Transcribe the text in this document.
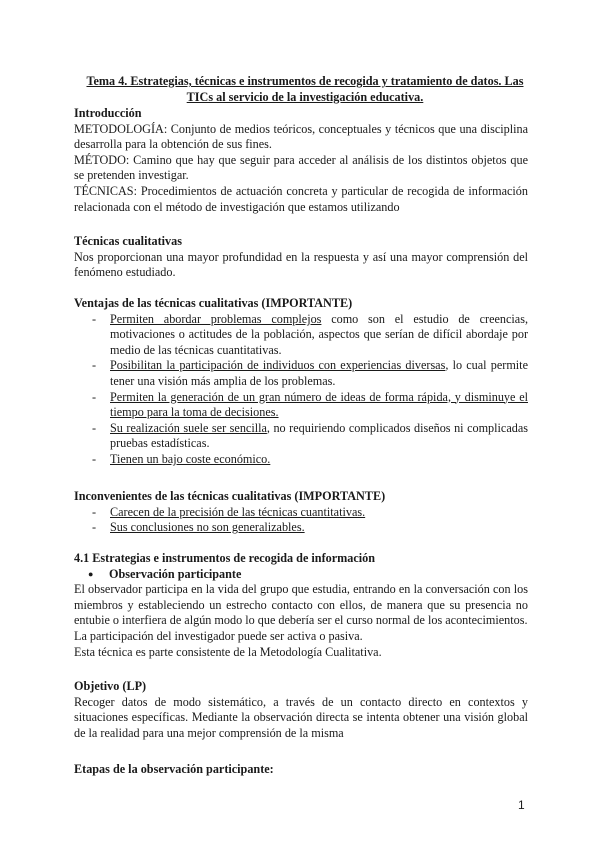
Tema 4. Estrategias, técnicas e instrumentos de recogida y tratamiento de datos. Las TICs al servicio de la investigación educativa.
Introducción
METODOLOGÍA: Conjunto de medios teóricos, conceptuales y técnicos que una disciplina desarrolla para la obtención de sus fines.
MÉTODO: Camino que hay que seguir para acceder al análisis de los distintos objetos que se pretenden investigar.
TÉCNICAS: Procedimientos de actuación concreta y particular de recogida de información relacionada con el método de investigación que estamos utilizando
Técnicas cualitativas
Nos proporcionan una mayor profundidad en la respuesta y así una mayor comprensión del fenómeno estudiado.
Ventajas de las técnicas cualitativas (IMPORTANTE)
- Permiten abordar problemas complejos como son el estudio de creencias, motivaciones o actitudes de la población, aspectos que serían de difícil abordaje por medio de las técnicas cuantitativas.
- Posibilitan la participación de individuos con experiencias diversas, lo cual permite tener una visión más amplia de los problemas.
- Permiten la generación de un gran número de ideas de forma rápida, y disminuye el tiempo para la toma de decisiones.
- Su realización suele ser sencilla, no requiriendo complicados diseños ni complicadas pruebas estadísticas.
- Tienen un bajo coste económico.
Inconvenientes de las técnicas cualitativas (IMPORTANTE)
- Carecen de la precisión de las técnicas cuantitativas.
- Sus conclusiones no son generalizables.
4.1 Estrategias e instrumentos de recogida de información
● Observación participante
El observador participa en la vida del grupo que estudia, entrando en la conversación con los miembros y estableciendo un estrecho contacto con ellos, de manera que su presencia no entubie o interfiera de algún modo lo que debería ser el curso normal de los acontecimientos.
La participación del investigador puede ser activa o pasiva.
Esta técnica es parte consistente de la Metodología Cualitativa.
Objetivo (LP)
Recoger datos de modo sistemático, a través de un contacto directo en contextos y situaciones específicas. Mediante la observación directa se intenta obtener una visión global de la realidad para una mejor comprensión de la misma
Etapas de la observación participante:
1
